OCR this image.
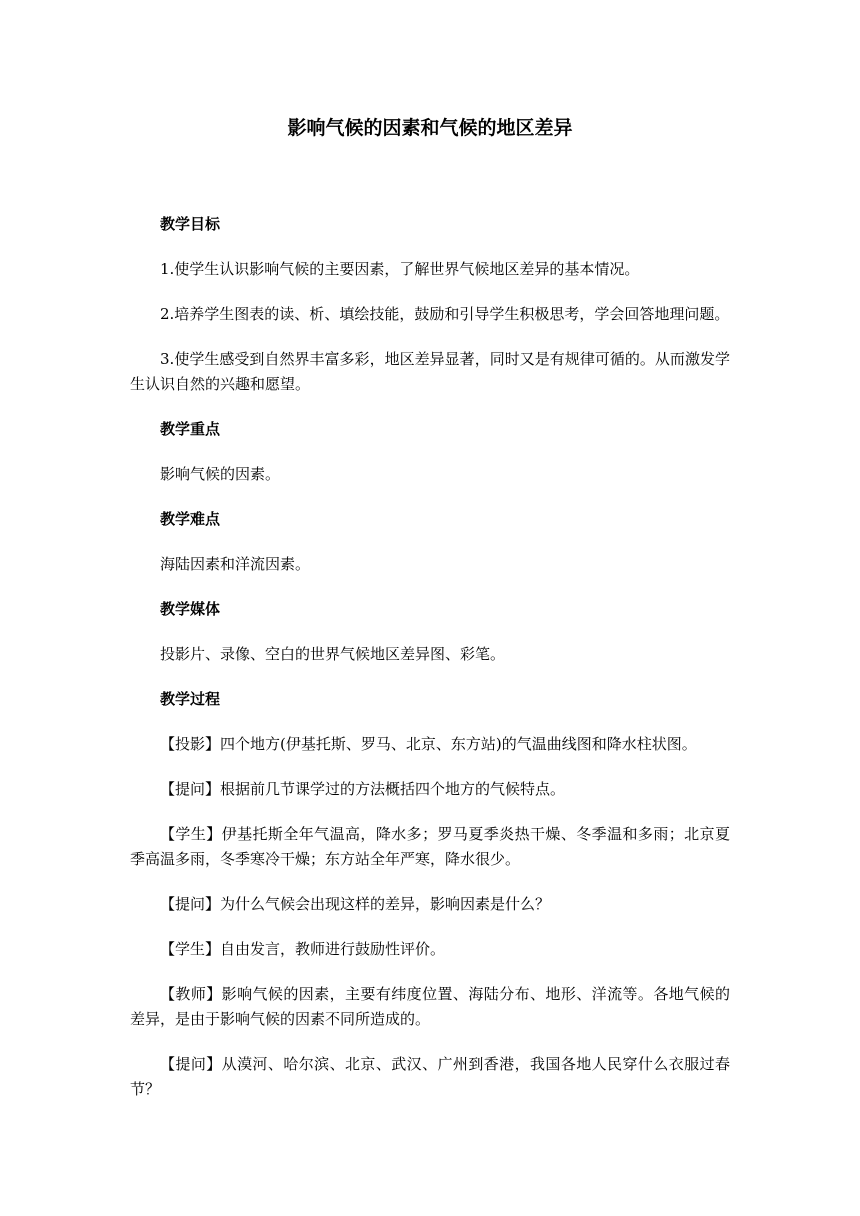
影响气候的因素和气候的地区差异
教学目标
1.使学生认识影响气候的主要因素，了解世界气候地区差异的基本情况。
2.培养学生图表的读、析、填绘技能，鼓励和引导学生积极思考，学会回答地理问题。
3.使学生感受到自然界丰富多彩，地区差异显著，同时又是有规律可循的。从而激发学生认识自然的兴趣和愿望。
教学重点
影响气候的因素。
教学难点
海陆因素和洋流因素。
教学媒体
投影片、录像、空白的世界气候地区差异图、彩笔。
教学过程
【投影】四个地方(伊基托斯、罗马、北京、东方站)的气温曲线图和降水柱状图。
【提问】根据前几节课学过的方法概括四个地方的气候特点。
【学生】伊基托斯全年气温高，降水多；罗马夏季炎热干燥、冬季温和多雨；北京夏季高温多雨，冬季寒冷干燥；东方站全年严寒，降水很少。
【提问】为什么气候会出现这样的差异，影响因素是什么？
【学生】自由发言，教师进行鼓励性评价。
【教师】影响气候的因素，主要有纬度位置、海陆分布、地形、洋流等。各地气候的差异，是由于影响气候的因素不同所造成的。
【提问】从漠河、哈尔滨、北京、武汉、广州到香港，我国各地人民穿什么衣服过春节？
